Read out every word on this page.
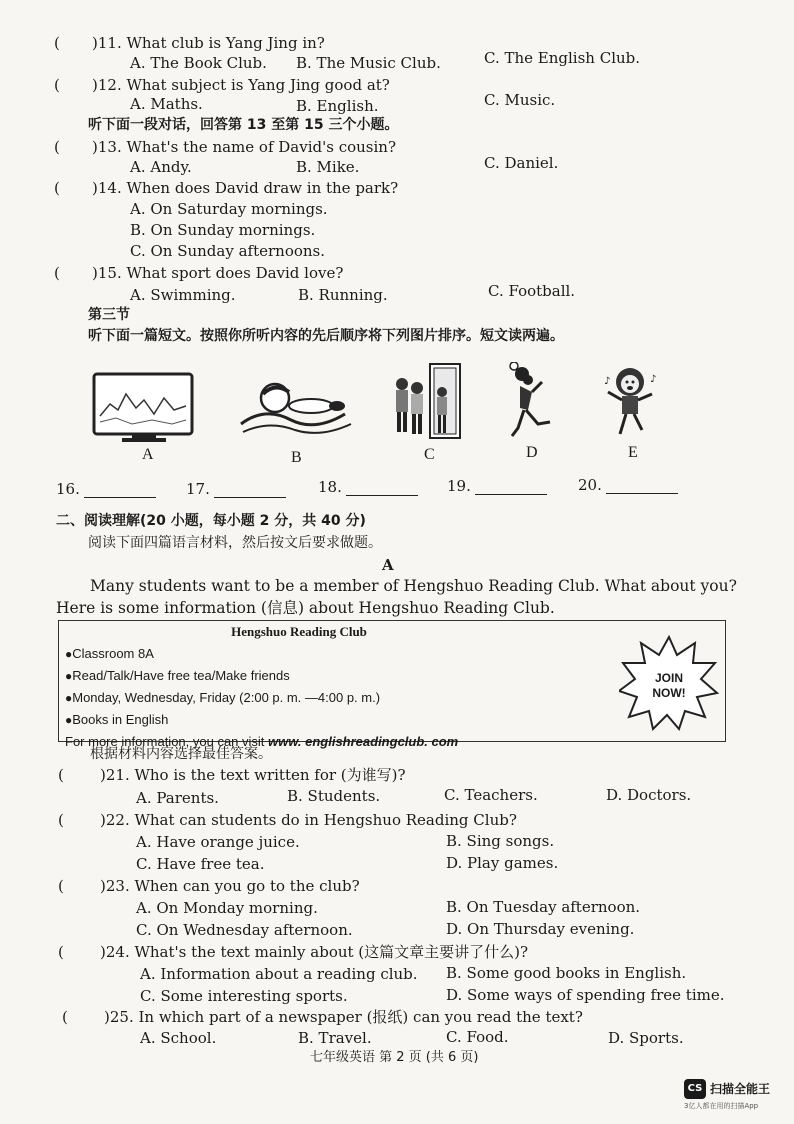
( )11. What club is Yang Jing in?
A. The Book Club. B. The Music Club.	C. The English Club.
( )12. What subject is Yang Jing good at?
A. Maths.	B. English.	C. Music.
听下面一段对话，回答第 13 至第 15 三个小题。
( )13. What's the name of David's cousin?
A. Andy.	B. Mike.	C. Daniel.
( )14. When does David draw in the park?
A. On Saturday mornings.
B. On Sunday mornings.
C. On Sunday afternoons.
( )15. What sport does David love?
A. Swimming.	B. Running.	C. Football.
第三节
听下面一篇短文。按照你所听内容的先后顺序将下列图片排序。短文读两遍。
♪	♪
A	B	C	D	E
16.	17.	18.	19.	20.
二、阅读理解(20 小题，每小题 2 分，共 40 分)
阅读下面四篇语言材料，然后按文后要求做题。
A
Many students want to be a member of Hengshuo Reading Club. What about you?
Here is some information (信息) about Hengshuo Reading Club.
Hengshuo Reading Club
●Classroom 8A
●Read/Talk/Have free tea/Make friends
●Monday, Wednesday, Friday (2:00 p. m. —4:00 p. m.)
●Books in English
For more information, you can visit www. englishreadingclub. com
JOIN
NOW!
根据材料内容选择最佳答案。
( )21. Who is the text written for (为谁写)?
A. Parents.	B. Students.	C. Teachers.	D. Doctors.
( )22. What can students do in Hengshuo Reading Club?
A. Have orange juice.	B. Sing songs.
C. Have free tea.	D. Play games.
( )23. When can you go to the club?
A. On Monday morning.	B. On Tuesday afternoon.
C. On Wednesday afternoon.	D. On Thursday evening.
( )24. What's the text mainly about (这篇文章主要讲了什么)?
A. Information about a reading club. B. Some good books in English.
C. Some interesting sports.	D. Some ways of spending free time.
( )25. In which part of a newspaper (报纸) can you read the text?
A. School.	B. Travel.	C. Food.	D. Sports.
七年级英语 第 2 页 (共 6 页)
CS 扫描全能王
3亿人都在用的扫描App
